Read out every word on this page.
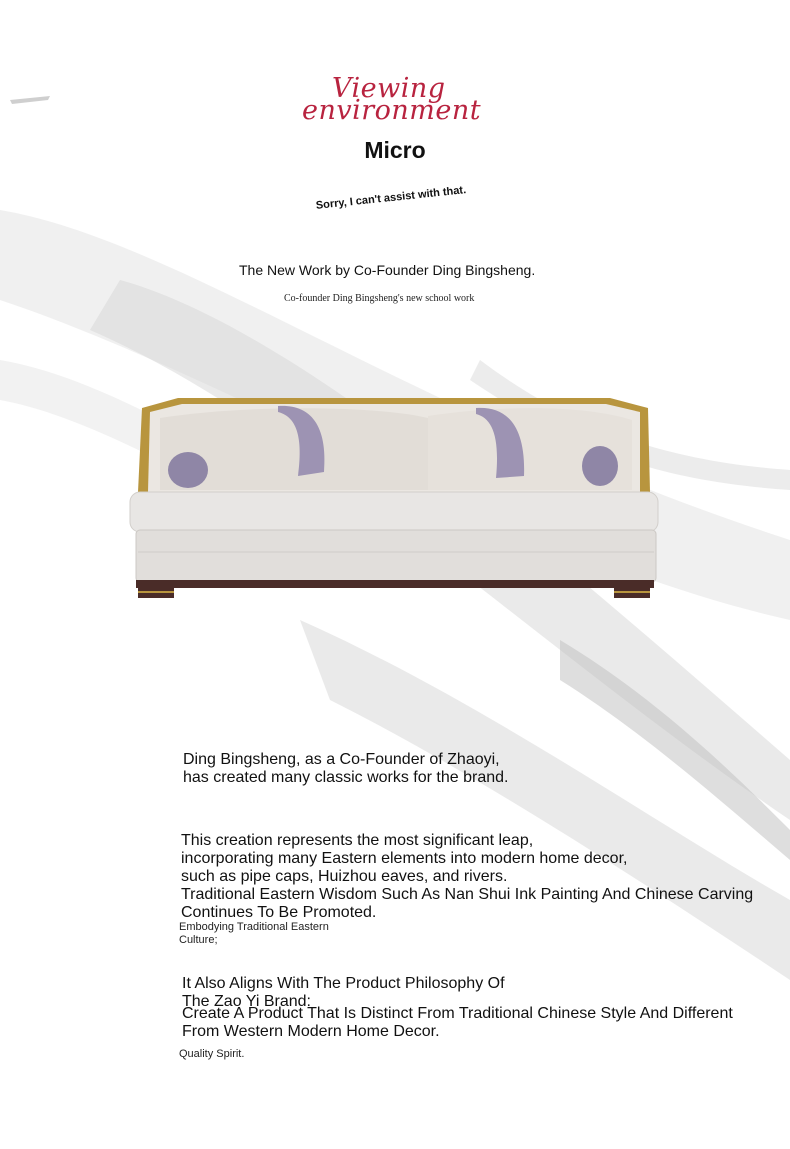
Viewing
environment
Micro
Sorry, I can't assist with that.
The New Work by Co-Founder Ding Bingsheng.
Co-founder Ding Bingsheng's new school work
Ding Bingsheng, as a Co-Founder of Zhaoyi,
has created many classic works for the brand.
This creation represents the most significant leap,
incorporating many Eastern elements into modern home decor,
such as pipe caps, Huizhou eaves, and rivers.
Traditional Eastern Wisdom Such As Nan Shui Ink Painting And Chinese Carving
Continues To Be Promoted.
Embodying Traditional Eastern
Culture;
It Also Aligns With The Product Philosophy Of
The Zao Yi Brand:
Create A Product That Is Distinct From Traditional Chinese Style And Different
From Western Modern Home Decor.
Quality Spirit.
